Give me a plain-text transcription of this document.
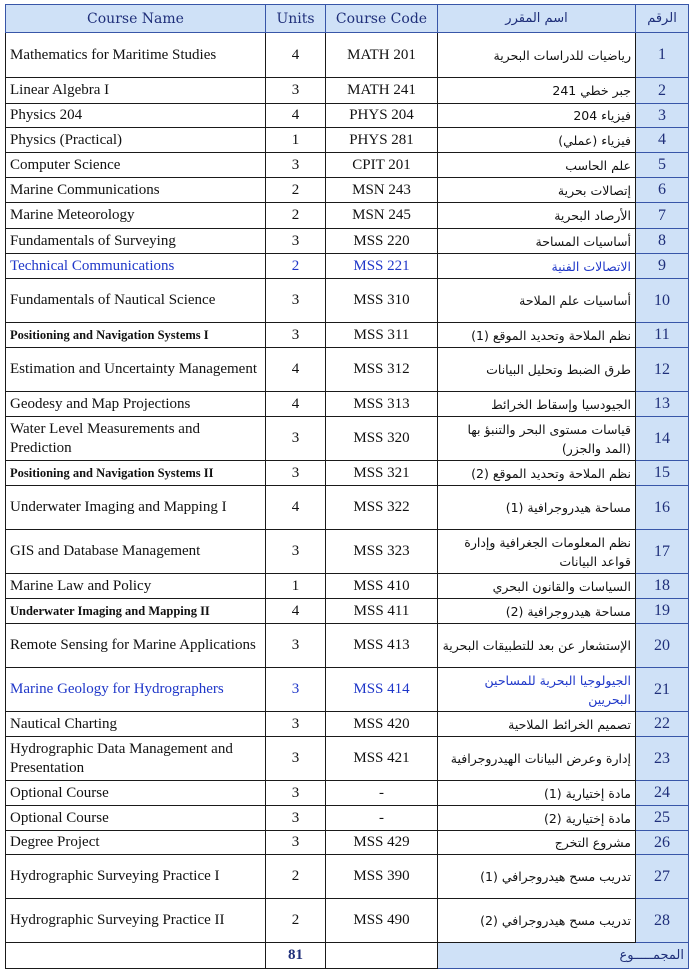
Course Name	Units	Course Code	اسم المقرر	الرقم
Mathematics for Maritime Studies	4	MATH 201	رياضيات للدراسات البحرية	1
Linear Algebra I	3	MATH 241	جبر خطي 241	2
Physics 204	4	PHYS 204	فيزياء 204	3
Physics (Practical)	1	PHYS 281	فيزياء (عملي)	4
Computer Science	3	CPIT 201	علم الحاسب	5
Marine Communications	2	MSN 243	إتصالات بحرية	6
Marine Meteorology	2	MSN 245	الأرصاد البحرية	7
Fundamentals of Surveying	3	MSS 220	أساسيات المساحة	8
Technical Communications	2	MSS 221	الاتصالات الفنية	9
Fundamentals of Nautical Science	3	MSS 310	أساسيات علم الملاحة	10
Positioning and Navigation Systems I	3	MSS 311	نظم الملاحة وتحديد الموقع (1)	11
Estimation and Uncertainty Management	4	MSS 312	طرق الضبط وتحليل البيانات	12
Geodesy and Map Projections	4	MSS 313	الجيودسيا وإسقاط الخرائط	13
Water Level Measurements and Prediction	3	MSS 320	قياسات مستوى البحر والتنبؤ بها (المد والجزر)	14
Positioning and Navigation Systems II	3	MSS 321	نظم الملاحة وتحديد الموقع (2)	15
Underwater Imaging and Mapping I	4	MSS 322	مساحة هيدروجرافية (1)	16
GIS and Database Management	3	MSS 323	نظم المعلومات الجغرافية وإدارة قواعد البيانات	17
Marine Law and Policy	1	MSS 410	السياسات والقانون البحري	18
Underwater Imaging and Mapping II	4	MSS 411	مساحة هيدروجرافية (2)	19
Remote Sensing for Marine Applications	3	MSS 413	الإستشعار عن بعد للتطبيقات البحرية	20
Marine Geology for Hydrographers	3	MSS 414	الجيولوجيا البحرية للمساحين البحريين	21
Nautical Charting	3	MSS 420	تصميم الخرائط الملاحية	22
Hydrographic Data Management and Presentation	3	MSS 421	إدارة وعرض البيانات الهيدروجرافية	23
Optional Course	3	-	مادة إختيارية (1)	24
Optional Course	3	-	مادة إختيارية (2)	25
Degree Project	3	MSS 429	مشروع التخرج	26
Hydrographic Surveying Practice I	2	MSS 390	تدريب مسح هيدروجرافي (1)	27
Hydrographic Surveying Practice II	2	MSS 490	تدريب مسح هيدروجرافي (2)	28
	81		المجمـــــوع	
